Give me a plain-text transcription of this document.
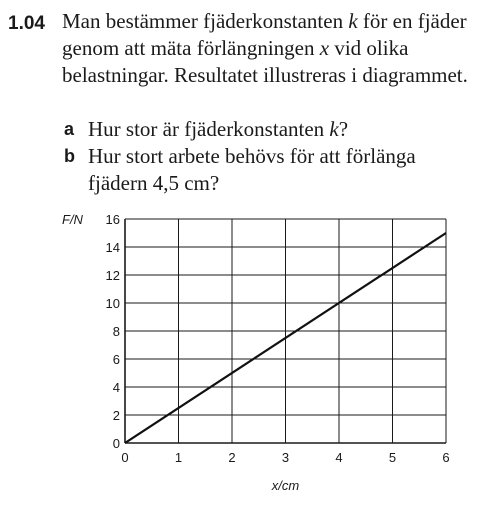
1.04 Man bestämmer fjäderkonstanten k för en fjäder genom att mäta förlängningen x vid olika belastningar. Resultatet illustreras i diagrammet.
a Hur stor är fjäderkonstanten k?
b Hur stort arbete behövs för att förlänga fjädern 4,5 cm?
0	1	2	3	4	5	6
0
2
4
6
8
10
12
14
16
F/N
x/cm
